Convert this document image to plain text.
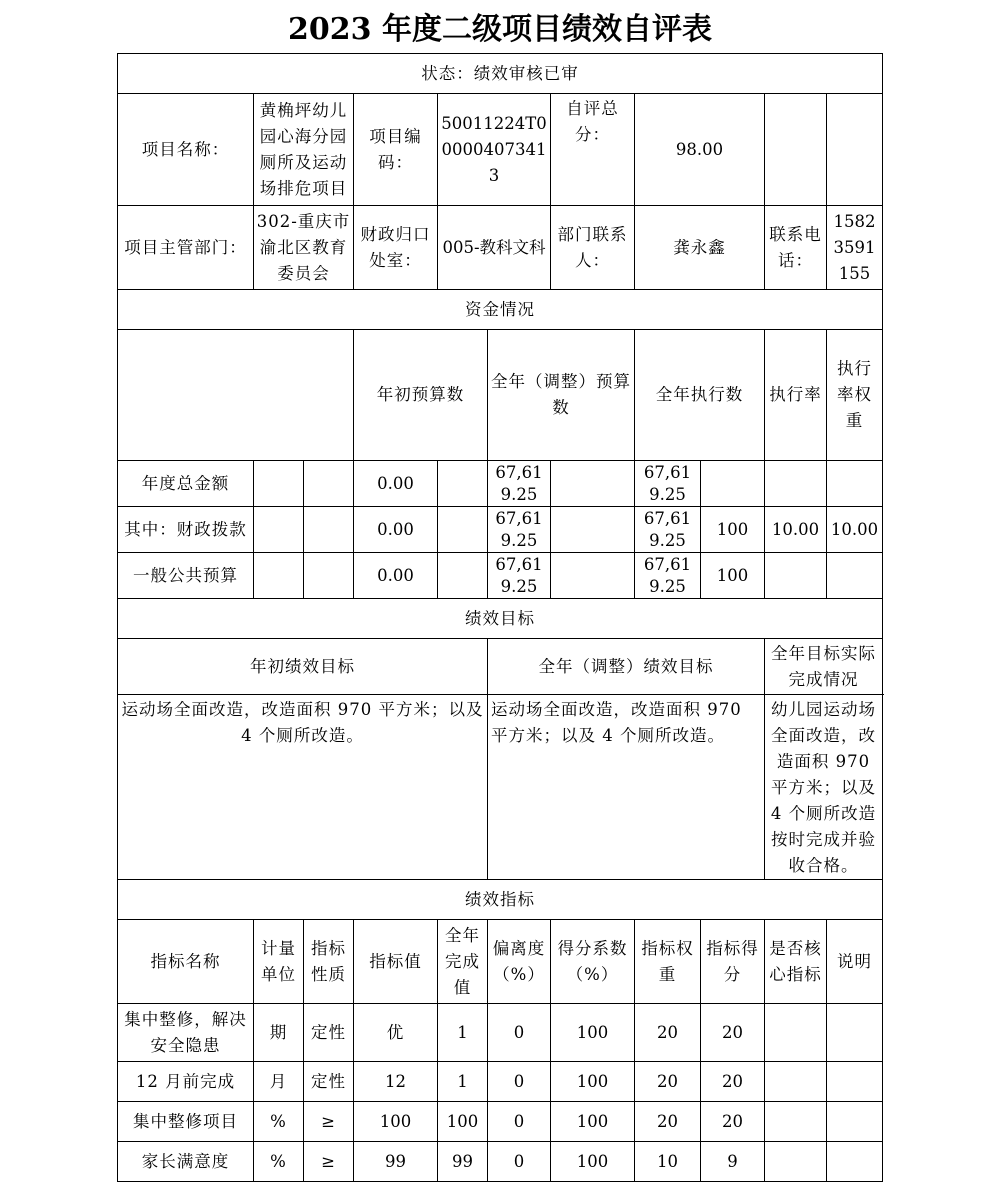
2023 年度二级项目绩效自评表
状态：绩效审核已审											
项目名称：	黄桷坪幼儿园心海分园厕所及运动场排危项目		项目编码：	50011224T000004073413		自评总分：	98.00				
项目主管部门：	302-重庆市渝北区教育委员会		财政归口处室：	005-教科文科		部门联系人：	龚永鑫		联系电话：	15823591155	
资金情况											
			年初预算数		全年（调整）预算数		全年执行数		执行率	执行率权重	
年度总金额			0.00		67,619.25		67,619.25				
其中：财政拨款			0.00		67,619.25		67,619.25	100	10.00	10.00	
一般公共预算			0.00		67,619.25		67,619.25	100			
绩效目标											
年初绩效目标					全年（调整）绩效目标				全年目标实际完成情况		
运动场全面改造，改造面积 970 平方米；以及 4 个厕所改造。					运动场全面改造，改造面积 970 平方米；以及 4 个厕所改造。				幼儿园运动场全面改造，改造面积 970 平方米；以及 4 个厕所改造按时完成并验收合格。		
绩效指标											
指标名称	计量单位	指标性质	指标值	全年完成值	偏离度（%）	得分系数（%）	指标权重	指标得分	是否核心指标	说明	
集中整修，解决安全隐患	期	定性	优	1	0	100	20	20			
12 月前完成	月	定性	12	1	0	100	20	20			
集中整修项目	%	≥	100	100	0	100	20	20			
家长满意度	%	≥	99	99	0	100	10	9			
